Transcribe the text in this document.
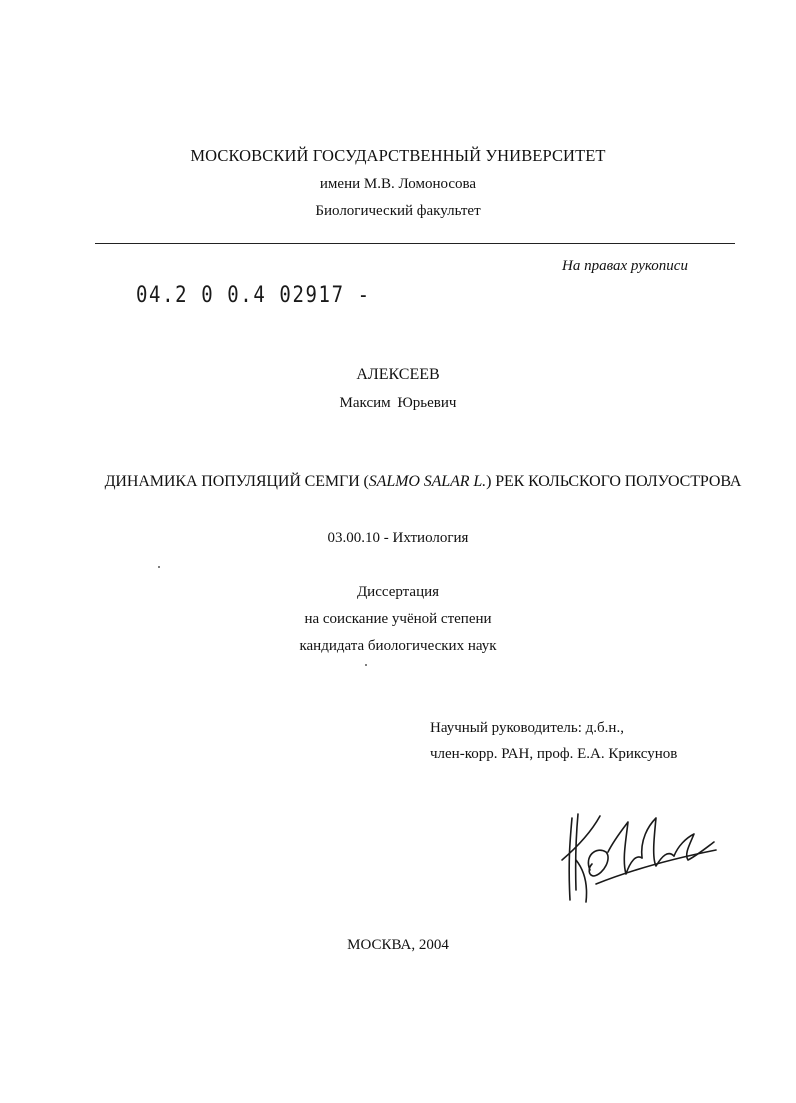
МОСКОВСКИЙ ГОСУДАРСТВЕННЫЙ УНИВЕРСИТЕТ
имени М.В. Ломоносова
Биологический факультет
На правах рукописи
04.2 0 0.4 02917 -
АЛЕКСЕЕВ
Максим Юрьевич
ДИНАМИКА ПОПУЛЯЦИЙ СЕМГИ (SALMO SALAR L.) РЕК КОЛЬСКОГО ПОЛУОСТРОВА
03.00.10 - Ихтиология
Диссертация
на соискание учёной степени
кандидата биологических наук
Научный руководитель: д.б.н.,
член-корр. РАН, проф. Е.А. Криксунов
МОСКВА, 2004
